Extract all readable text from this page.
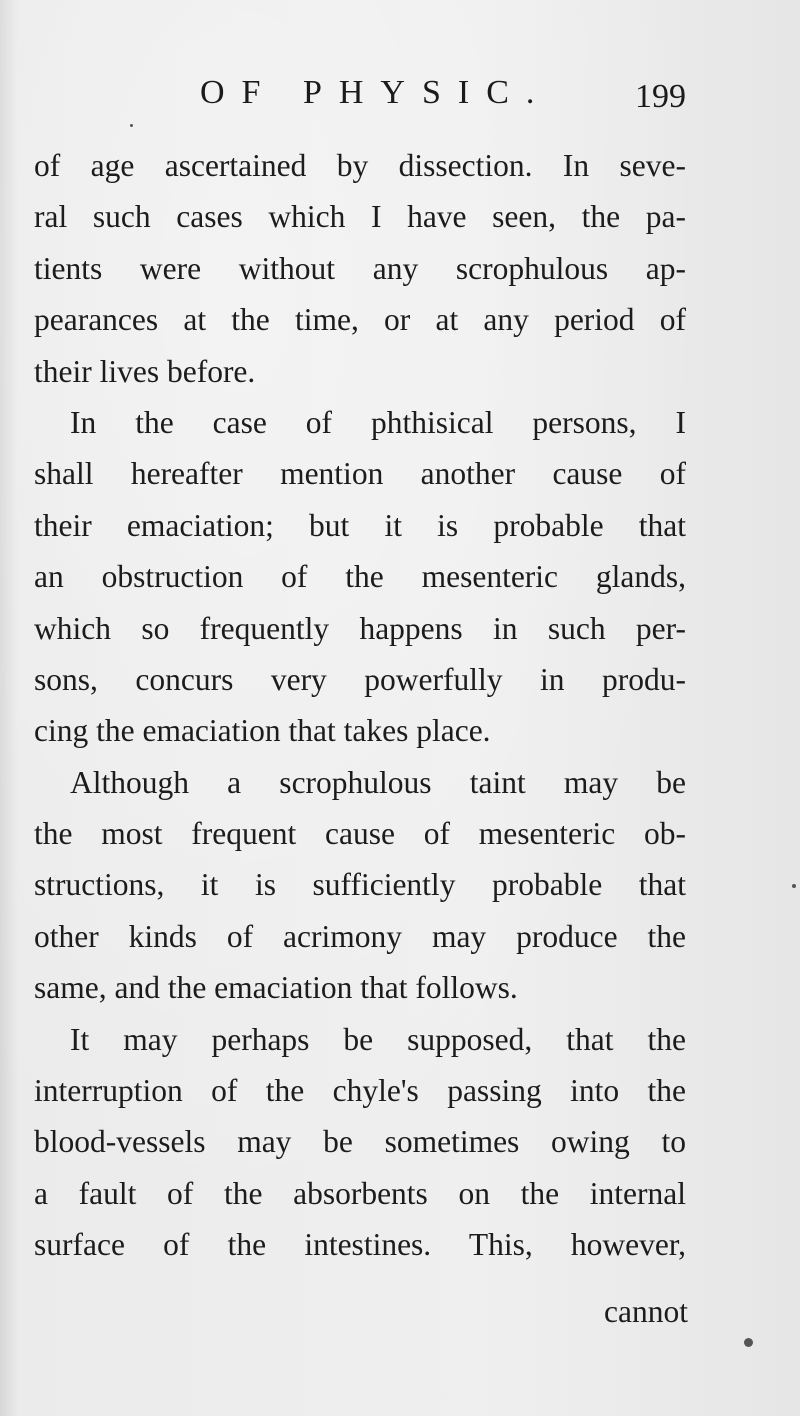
OF PHYSIC. 199
of age ascertained by dissection. In seve-
ral such cases which I have seen, the pa-
tients were without any scrophulous ap-
pearances at the time, or at any period of
their lives before.
In the case of phthisical persons, I
shall hereafter mention another cause of
their emaciation; but it is probable that
an obstruction of the mesenteric glands,
which so frequently happens in such per-
sons, concurs very powerfully in produ-
cing the emaciation that takes place.
Although a scrophulous taint may be
the most frequent cause of mesenteric ob-
structions, it is sufficiently probable that
other kinds of acrimony may produce the
same, and the emaciation that follows.
It may perhaps be supposed, that the
interruption of the chyle's passing into the
blood-vessels may be sometimes owing to
a fault of the absorbents on the internal
surface of the intestines. This, however,
cannot
